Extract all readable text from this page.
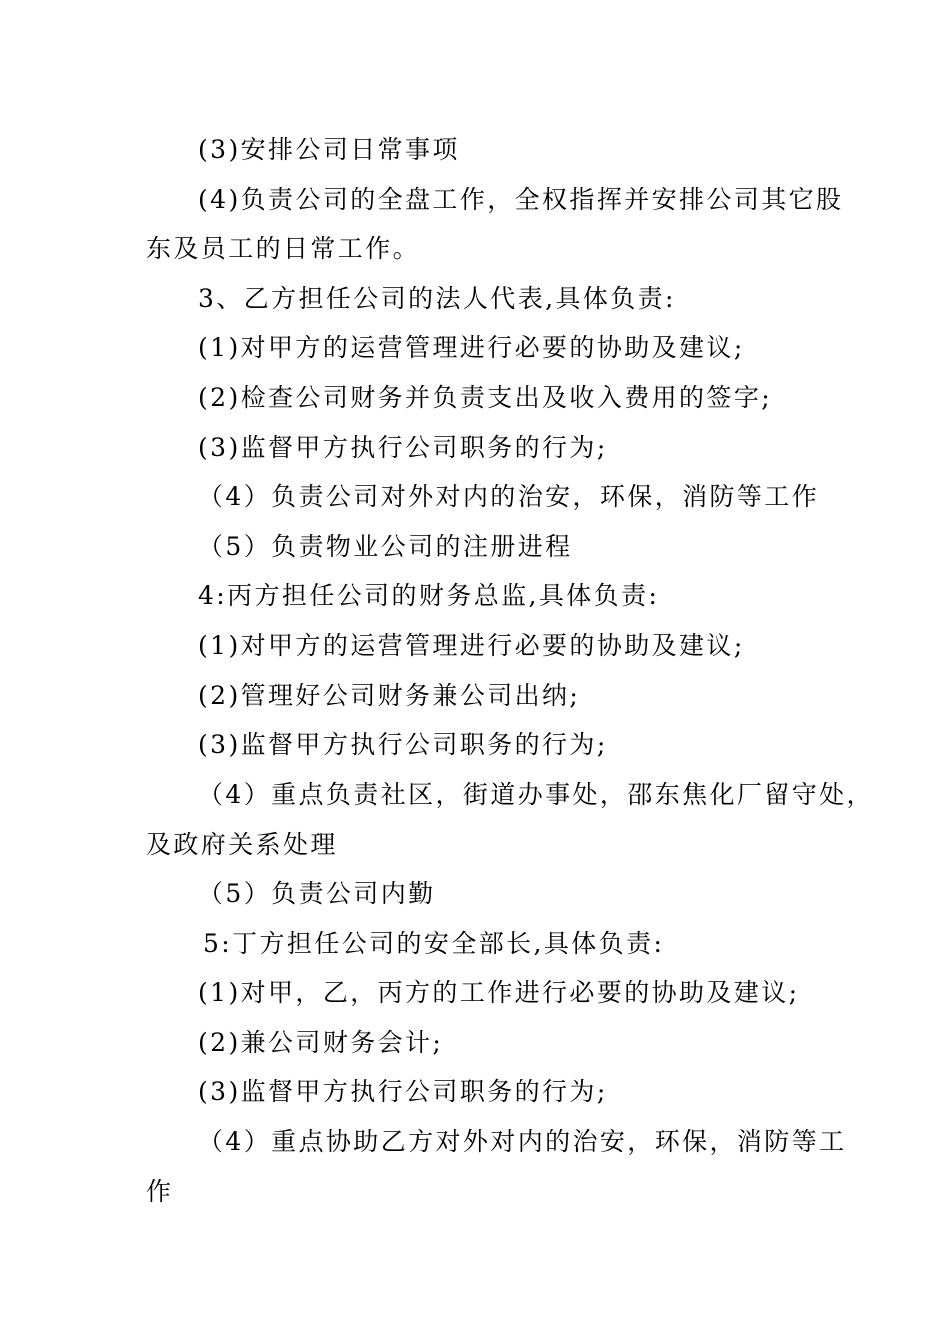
(3)安排公司日常事项
(4)负责公司的全盘工作，全权指挥并安排公司其它股
东及员工的日常工作。
3、乙方担任公司的法人代表,具体负责:
(1)对甲方的运营管理进行必要的协助及建议;
(2)检查公司财务并负责支出及收入费用的签字;
(3)监督甲方执行公司职务的行为;
（4）负责公司对外对内的治安，环保，消防等工作
（5）负责物业公司的注册进程
4:丙方担任公司的财务总监,具体负责:
(1)对甲方的运营管理进行必要的协助及建议;
(2)管理好公司财务兼公司出纳;
(3)监督甲方执行公司职务的行为;
（4）重点负责社区，街道办事处，邵东焦化厂留守处，
及政府关系处理
（5）负责公司内勤
5:丁方担任公司的安全部长,具体负责:
(1)对甲，乙，丙方的工作进行必要的协助及建议;
(2)兼公司财务会计;
(3)监督甲方执行公司职务的行为;
（4）重点协助乙方对外对内的治安，环保，消防等工
作
